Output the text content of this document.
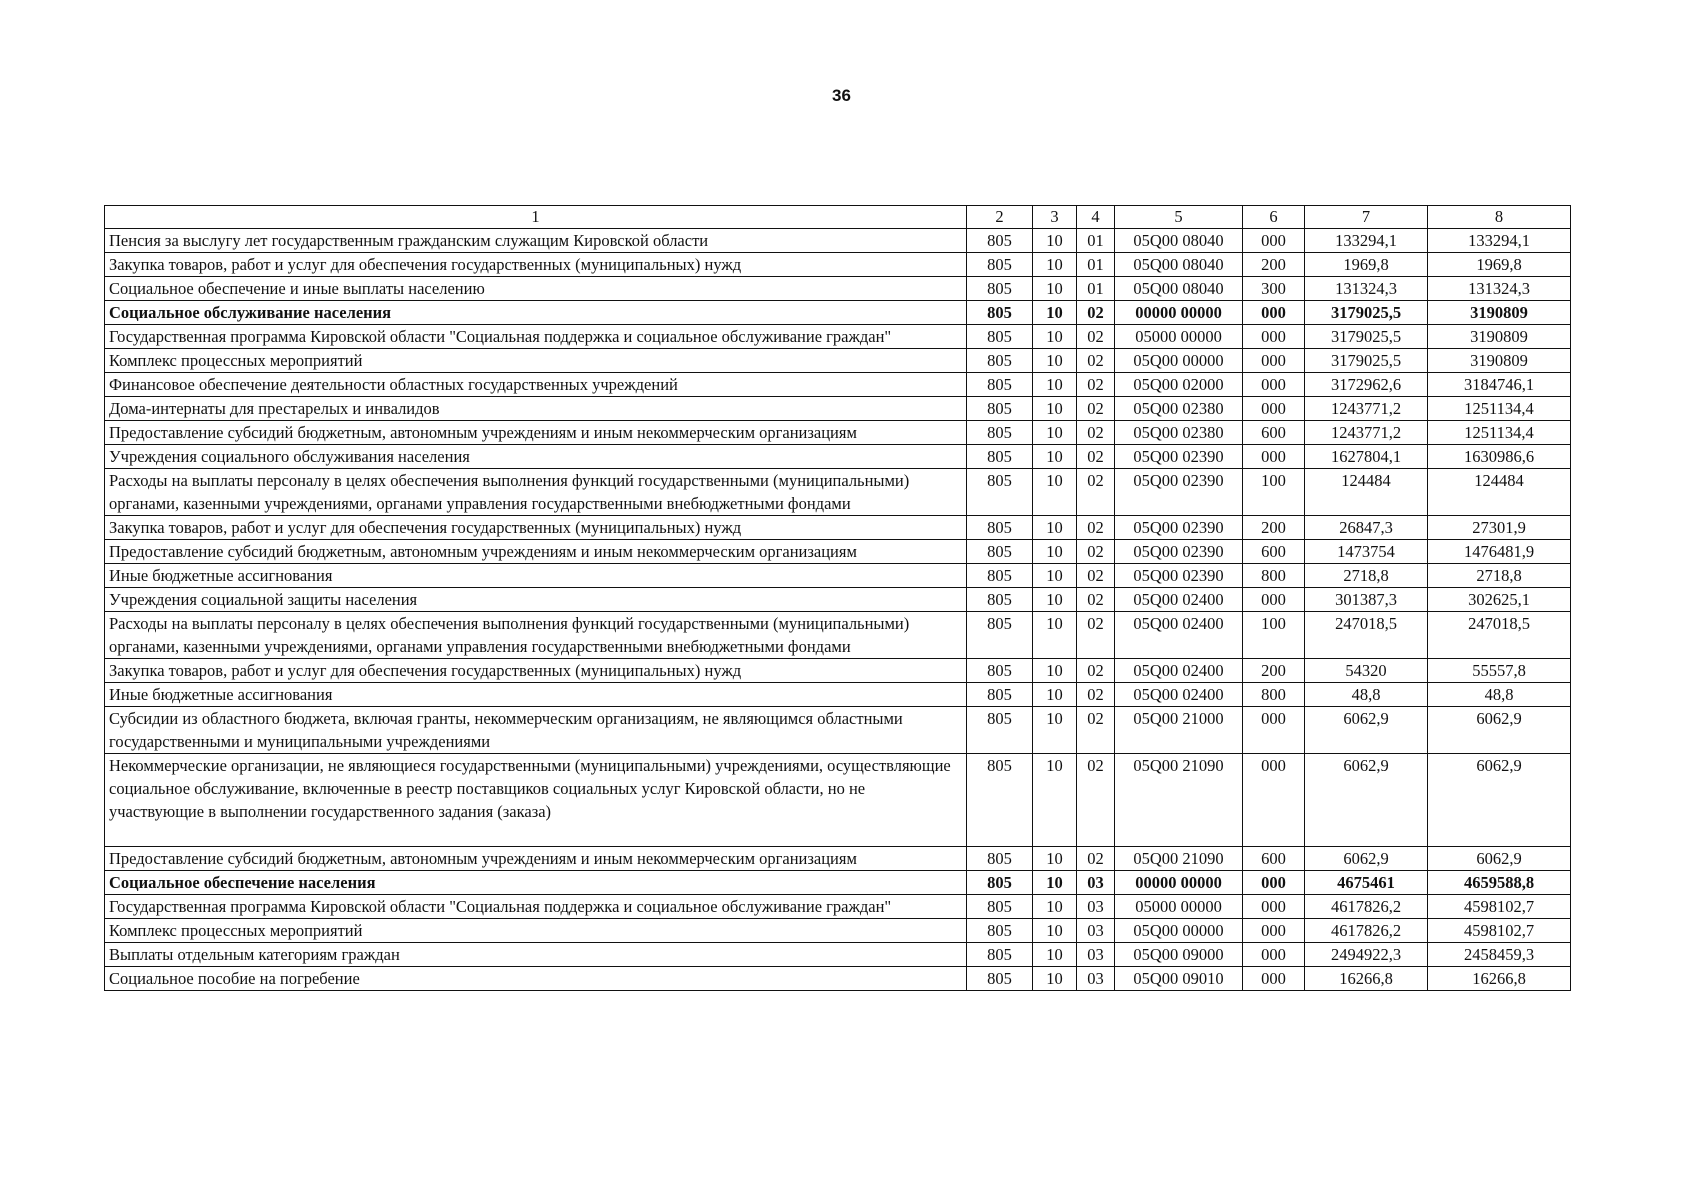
36
1	2	3	4	5	6	7	8
Пенсия за выслугу лет государственным гражданским служащим Кировской области	805	10	01	05Q00 08040	000	133294,1	133294,1
Закупка товаров, работ и услуг для обеспечения государственных (муниципальных) нужд	805	10	01	05Q00 08040	200	1969,8	1969,8
Социальное обеспечение и иные выплаты населению	805	10	01	05Q00 08040	300	131324,3	131324,3
Социальное обслуживание населения	805	10	02	00000 00000	000	3179025,5	3190809
Государственная программа Кировской области "Социальная поддержка и социальное обслуживание граждан"	805	10	02	05000 00000	000	3179025,5	3190809
Комплекс процессных мероприятий	805	10	02	05Q00 00000	000	3179025,5	3190809
Финансовое обеспечение деятельности областных государственных учреждений	805	10	02	05Q00 02000	000	3172962,6	3184746,1
Дома-интернаты для престарелых и инвалидов	805	10	02	05Q00 02380	000	1243771,2	1251134,4
Предоставление субсидий бюджетным, автономным учреждениям и иным некоммерческим организациям	805	10	02	05Q00 02380	600	1243771,2	1251134,4
Учреждения социального обслуживания населения	805	10	02	05Q00 02390	000	1627804,1	1630986,6
Расходы на выплаты персоналу в целях обеспечения выполнения функций государственными (муниципальными) органами, казенными учреждениями, органами управления государственными внебюджетными фондами	805	10	02	05Q00 02390	100	124484	124484
Закупка товаров, работ и услуг для обеспечения государственных (муниципальных) нужд	805	10	02	05Q00 02390	200	26847,3	27301,9
Предоставление субсидий бюджетным, автономным учреждениям и иным некоммерческим организациям	805	10	02	05Q00 02390	600	1473754	1476481,9
Иные бюджетные ассигнования	805	10	02	05Q00 02390	800	2718,8	2718,8
Учреждения социальной защиты населения	805	10	02	05Q00 02400	000	301387,3	302625,1
Расходы на выплаты персоналу в целях обеспечения выполнения функций государственными (муниципальными) органами, казенными учреждениями, органами управления государственными внебюджетными фондами	805	10	02	05Q00 02400	100	247018,5	247018,5
Закупка товаров, работ и услуг для обеспечения государственных (муниципальных) нужд	805	10	02	05Q00 02400	200	54320	55557,8
Иные бюджетные ассигнования	805	10	02	05Q00 02400	800	48,8	48,8
Субсидии из областного бюджета, включая гранты, некоммерческим организациям, не являющимся областными государственными и муниципальными учреждениями	805	10	02	05Q00 21000	000	6062,9	6062,9
Некоммерческие организации, не являющиеся государственными (муниципальными) учреждениями, осуществляющие социальное обслуживание, включенные в реестр поставщиков социальных услуг Кировской области, но не участвующие в выполнении государственного задания (заказа)	805	10	02	05Q00 21090	000	6062,9	6062,9
Предоставление субсидий бюджетным, автономным учреждениям и иным некоммерческим организациям	805	10	02	05Q00 21090	600	6062,9	6062,9
Социальное обеспечение населения	805	10	03	00000 00000	000	4675461	4659588,8
Государственная программа Кировской области "Социальная поддержка и социальное обслуживание граждан"	805	10	03	05000 00000	000	4617826,2	4598102,7
Комплекс процессных мероприятий	805	10	03	05Q00 00000	000	4617826,2	4598102,7
Выплаты отдельным категориям граждан	805	10	03	05Q00 09000	000	2494922,3	2458459,3
Социальное пособие на погребение	805	10	03	05Q00 09010	000	16266,8	16266,8
